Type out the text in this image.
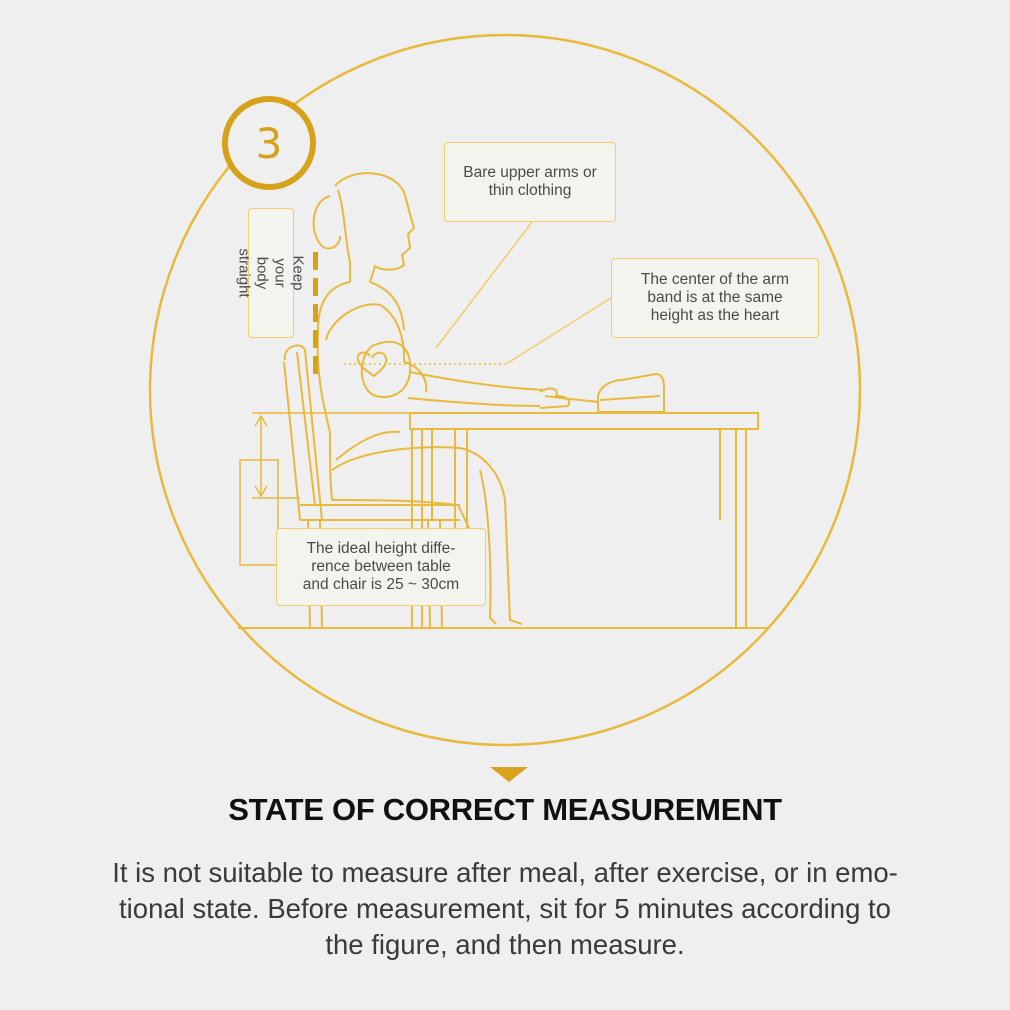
3
Bare upper arms or
thin clothing
The center of the arm
band is at the same
height as the heart
The ideal height diffe-
rence between table
and chair is 25 ~ 30cm
Keep your
body straight
STATE OF CORRECT MEASUREMENT
It is not suitable to measure after meal, after exercise, or in emo-
tional state. Before measurement, sit for 5 minutes according to
the figure, and then measure.
